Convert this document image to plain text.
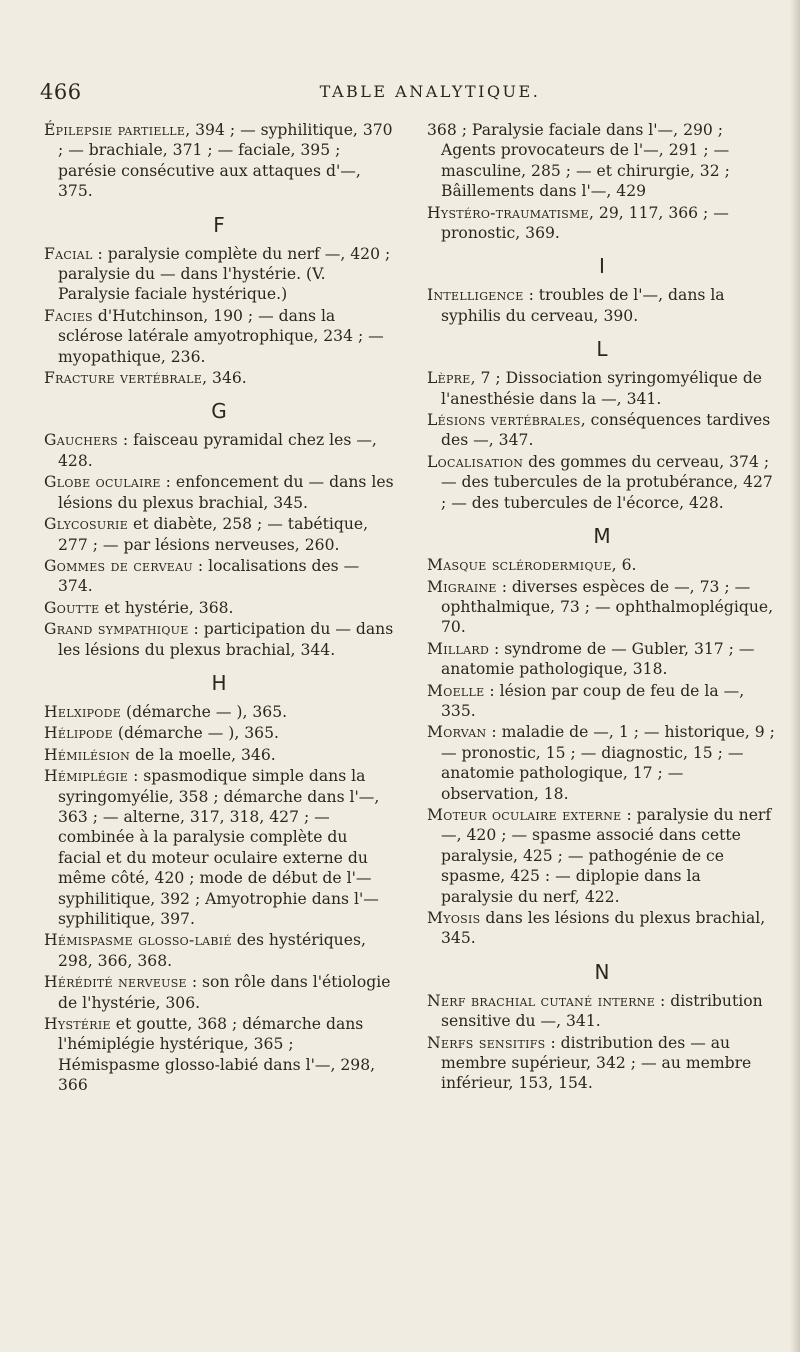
466	TABLE ANALYTIQUE.

Épilepsie partielle, 394 ; — syphilitique, 370 ; — brachiale, 371 ; — faciale, 395 ; parésie consécutive aux attaques d'—, 375.

F

Facial : paralysie complète du nerf —, 420 ; paralysie du — dans l'hystérie. (V. Paralysie faciale hystérique.)

Facies d'Hutchinson, 190 ; — dans la sclérose latérale amyotrophique, 234 ; — myopathique, 236.

Fracture vertébrale, 346.

G

Gauchers : faisceau pyramidal chez les —, 428.

Globe oculaire : enfoncement du — dans les lésions du plexus brachial, 345.

Glycosurie et diabète, 258 ; — tabétique, 277 ; — par lésions nerveuses, 260.

Gommes de cerveau : localisations des — 374.

Goutte et hystérie, 368.

Grand sympathique : participation du — dans les lésions du plexus brachial, 344.

H

Helxipode (démarche — ), 365.

Hélipode (démarche — ), 365.

Hémilésion de la moelle, 346.

Hémiplégie : spasmodique simple dans la syringomyélie, 358 ; démarche dans l'—, 363 ; — alterne, 317, 318, 427 ; — combinée à la paralysie complète du facial et du moteur oculaire externe du même côté, 420 ; mode de début de l'— syphilitique, 392 ; Amyotrophie dans l'— syphilitique, 397.

Hémispasme glosso-labié des hystériques, 298, 366, 368.

Hérédité nerveuse : son rôle dans l'étiologie de l'hystérie, 306.

Hystérie et goutte, 368 ; démarche dans l'hémiplégie hystérique, 365 ; Hémispasme glosso-labié dans l'—, 298, 366

368 ; Paralysie faciale dans l'—, 290 ; Agents provocateurs de l'—, 291 ; — masculine, 285 ; — et chirurgie, 32 ; Bâillements dans l'—, 429

Hystéro-traumatisme, 29, 117, 366 ; — pronostic, 369.

I

Intelligence : troubles de l'—, dans la syphilis du cerveau, 390.

L

Lèpre, 7 ; Dissociation syringomyélique de l'anesthésie dans la —, 341.

Lésions vertébrales, conséquences tardives des —, 347.

Localisation des gommes du cerveau, 374 ; — des tubercules de la protubérance, 427 ; — des tubercules de l'écorce, 428.

M

Masque sclérodermique, 6.

Migraine : diverses espèces de —, 73 ; — ophthalmique, 73 ; — ophthalmoplégique, 70.

Millard : syndrome de — Gubler, 317 ; — anatomie pathologique, 318.

Moelle : lésion par coup de feu de la —, 335.

Morvan : maladie de —, 1 ; — historique, 9 ; — pronostic, 15 ; — diagnostic, 15 ; — anatomie pathologique, 17 ; — observation, 18.

Moteur oculaire externe : paralysie du nerf —, 420 ; — spasme associé dans cette paralysie, 425 ; — pathogénie de ce spasme, 425 : — diplopie dans la paralysie du nerf, 422.

Myosis dans les lésions du plexus brachial, 345.

N

Nerf brachial cutané interne : distribution sensitive du —, 341.

Nerfs sensitifs : distribution des — au membre supérieur, 342 ; — au membre inférieur, 153, 154.
